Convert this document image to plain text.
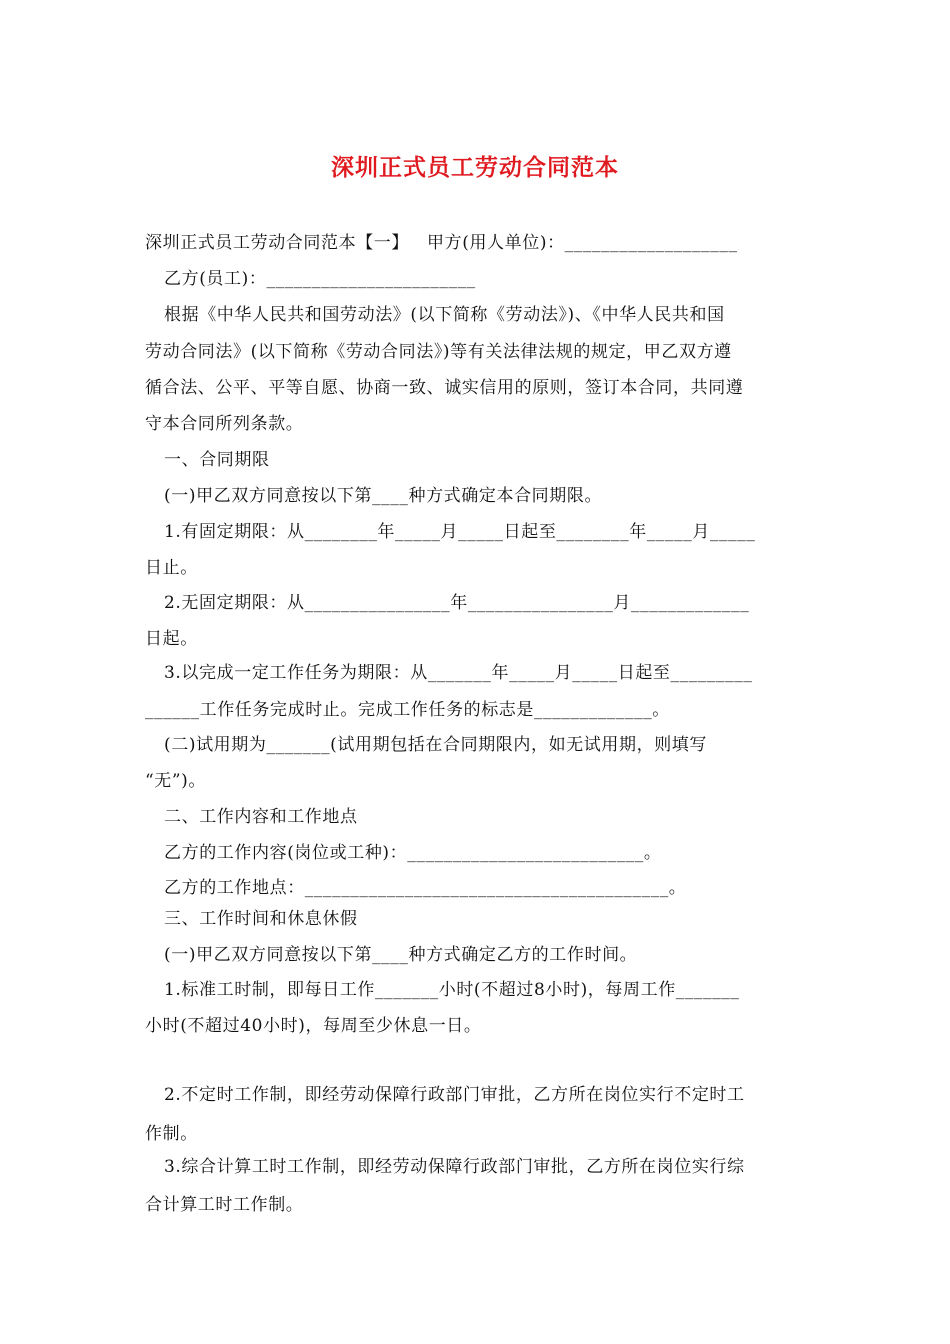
深圳正式员工劳动合同范本
深圳正式员工劳动合同范本【一】   甲方(用人单位)：___________________
乙方(员工)：_______________________
根据《中华人民共和国劳动法》(以下简称《劳动法》)、《中华人民共和国
劳动合同法》(以下简称《劳动合同法》)等有关法律法规的规定，甲乙双方遵
循合法、公平、平等自愿、协商一致、诚实信用的原则，签订本合同，共同遵
守本合同所列条款。
一、合同期限
(一)甲乙双方同意按以下第____种方式确定本合同期限。
1.有固定期限：从________年_____月_____日起至________年_____月_____
日止。
2.无固定期限：从________________年________________月_____________
日起。
3.以完成一定工作任务为期限：从_______年_____月_____日起至_________
______工作任务完成时止。完成工作任务的标志是_____________。
(二)试用期为_______(试用期包括在合同期限内，如无试用期，则填写
“无”)。
二、工作内容和工作地点
乙方的工作内容(岗位或工种)：__________________________。
乙方的工作地点：________________________________________。
三、工作时间和休息休假
(一)甲乙双方同意按以下第____种方式确定乙方的工作时间。
1.标准工时制，即每日工作_______小时(不超过8小时)，每周工作_______
小时(不超过40小时)，每周至少休息一日。
2.不定时工作制，即经劳动保障行政部门审批，乙方所在岗位实行不定时工
作制。
3.综合计算工时工作制，即经劳动保障行政部门审批，乙方所在岗位实行综
合计算工时工作制。
